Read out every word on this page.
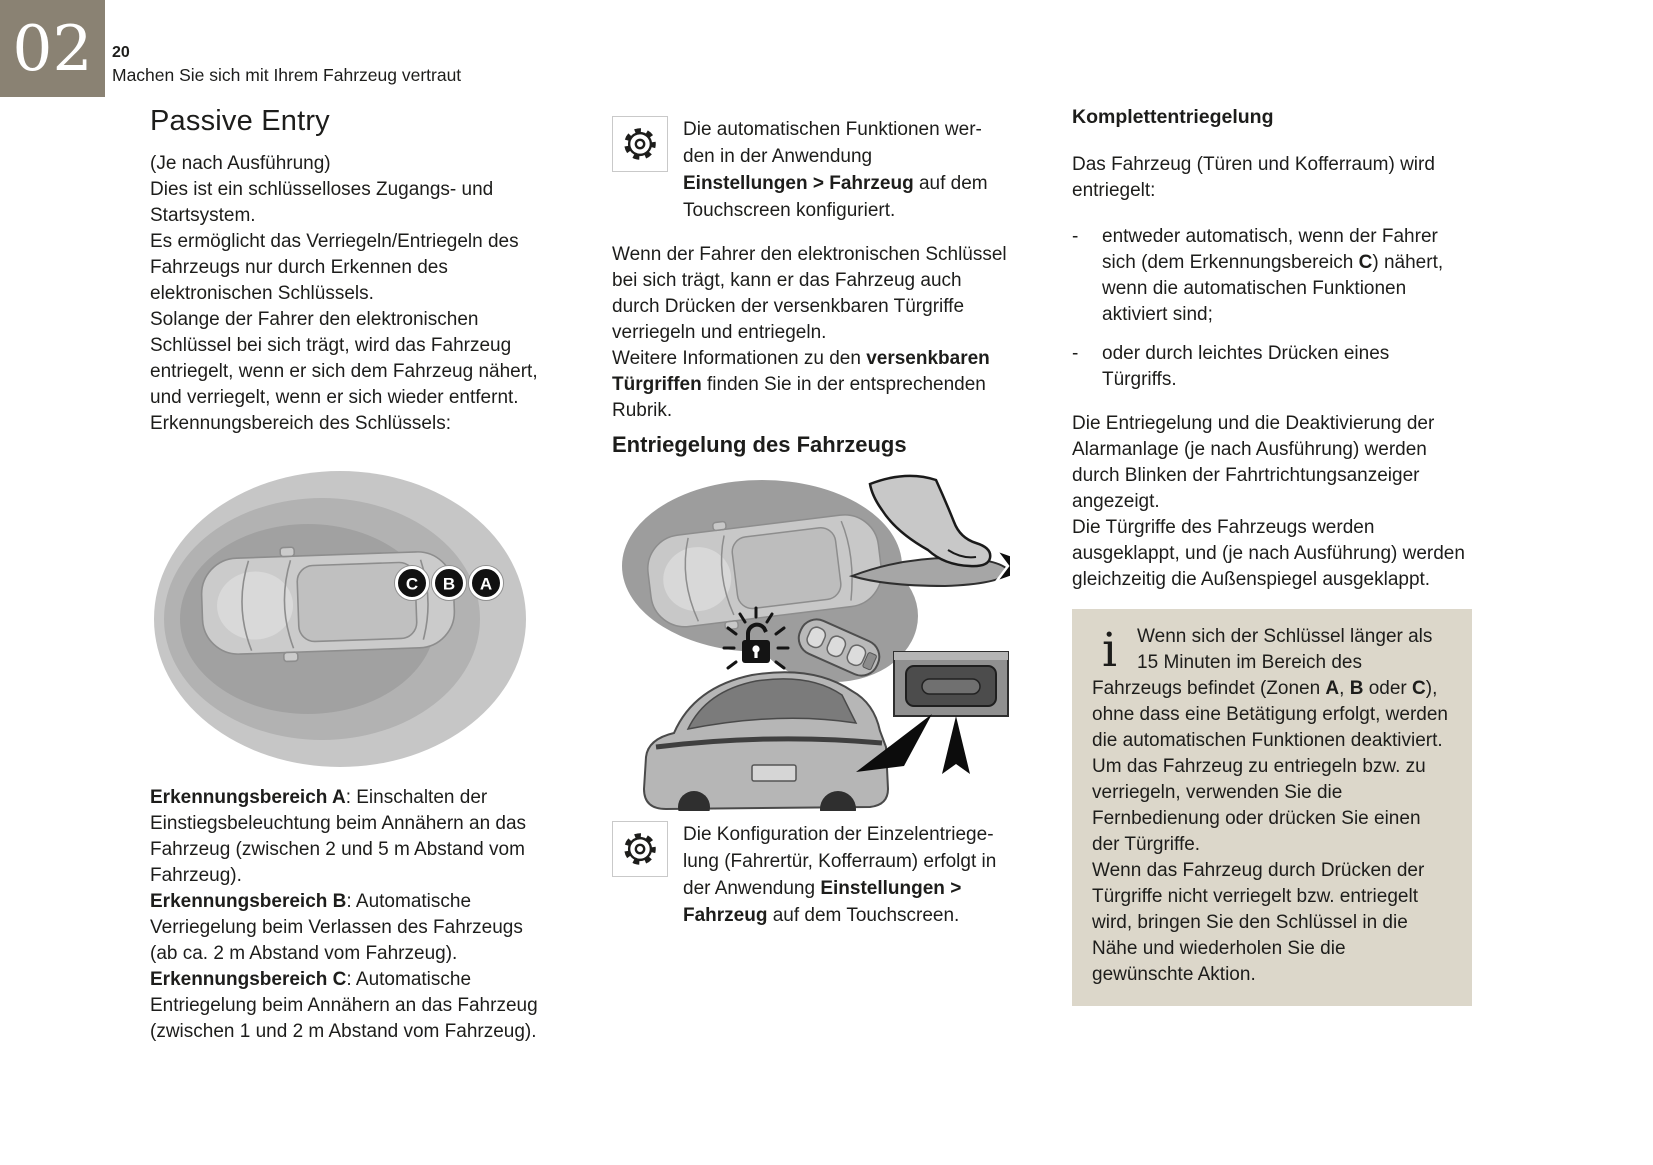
02 20
Machen Sie sich mit Ihrem Fahrzeug vertraut
Passive Entry

(Je nach Ausführung)

Dies ist ein schlüsselloses Zugangs- und Startsystem.

Es ermöglicht das Verriegeln/Entriegeln des Fahrzeugs nur durch Erkennen des elektronischen Schlüssels.

Solange der Fahrer den elektronischen Schlüssel bei sich trägt, wird das Fahrzeug entriegelt, wenn er sich dem Fahrzeug nähert, und verriegelt, wenn er sich wieder entfernt.

Erkennungsbereich des Schlüssels:

C B A

Erkennungsbereich A: Einschalten der Einstiegsbeleuchtung beim Annähern an das Fahrzeug (zwischen 2 und 5 m Abstand vom Fahrzeug).

Erkennungsbereich B: Automatische Verriegelung beim Verlassen des Fahrzeugs (ab ca. 2 m Abstand vom Fahrzeug).

Erkennungsbereich C: Automatische Entriegelung beim Annähern an das Fahrzeug (zwischen 1 und 2 m Abstand vom Fahrzeug).

Die automatischen Funktionen werden in der Anwendung Einstellungen > Fahrzeug auf dem Touchscreen konfiguriert.

Wenn der Fahrer den elektronischen Schlüssel bei sich trägt, kann er das Fahrzeug auch durch Drücken der versenkbaren Türgriffe verriegeln und entriegeln.

Weitere Informationen zu den versenkbaren Türgriffen finden Sie in der entsprechenden Rubrik.

Entriegelung des Fahrzeugs

Die Konfiguration der Einzelentriegelung (Fahrertür, Kofferraum) erfolgt in der Anwendung Einstellungen > Fahrzeug auf dem Touchscreen.

Komplettentriegelung

Das Fahrzeug (Türen und Kofferraum) wird entriegelt:

-	entweder automatisch, wenn der Fahrer sich (dem Erkennungsbereich C) nähert, wenn die automatischen Funktionen aktiviert sind;
-	oder durch leichtes Drücken eines Türgriffs.

Die Entriegelung und die Deaktivierung der Alarmanlage (je nach Ausführung) werden durch Blinken der Fahrtrichtungsanzeiger angezeigt.

Die Türgriffe des Fahrzeugs werden ausgeklappt, und (je nach Ausführung) werden gleichzeitig die Außenspiegel ausgeklappt.

i	Wenn sich der Schlüssel länger als 15 Minuten im Bereich des Fahrzeugs befindet (Zonen A, B oder C), ohne dass eine Betätigung erfolgt, werden die automatischen Funktionen deaktiviert. Um das Fahrzeug zu entriegeln bzw. zu verriegeln, verwenden Sie die Fernbedienung oder drücken Sie einen der Türgriffe.

Wenn das Fahrzeug durch Drücken der Türgriffe nicht verriegelt bzw. entriegelt wird, bringen Sie den Schlüssel in die Nähe und wiederholen Sie die gewünschte Aktion.
